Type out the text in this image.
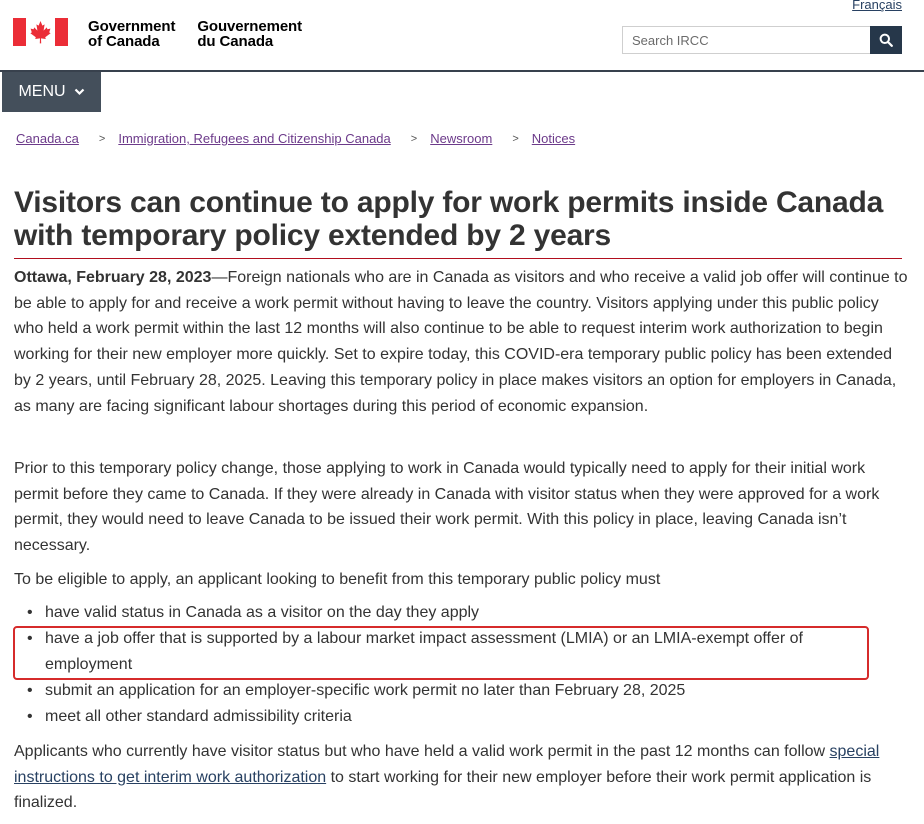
Français
Government
of Canada
Gouvernement
du Canada
Search IRCC
MENU
Canada.ca > Immigration, Refugees and Citizenship Canada > Newsroom > Notices
Visitors can continue to apply for work permits inside Canada with temporary policy extended by 2 years

Ottawa, February 28, 2023—Foreign nationals who are in Canada as visitors and who receive a valid job offer will continue to be able to apply for and receive a work permit without having to leave the country. Visitors applying under this public policy who held a work permit within the last 12 months will also continue to be able to request interim work authorization to begin working for their new employer more quickly. Set to expire today, this COVID-era temporary public policy has been extended by 2 years, until February 28, 2025. Leaving this temporary policy in place makes visitors an option for employers in Canada, as many are facing significant labour shortages during this period of economic expansion.

Prior to this temporary policy change, those applying to work in Canada would typically need to apply for their initial work permit before they came to Canada. If they were already in Canada with visitor status when they were approved for a work permit, they would need to leave Canada to be issued their work permit. With this policy in place, leaving Canada isn’t necessary.

To be eligible to apply, an applicant looking to benefit from this temporary public policy must

• have valid status in Canada as a visitor on the day they apply
• have a job offer that is supported by a labour market impact assessment (LMIA) or an LMIA-exempt offer of employment
• submit an application for an employer-specific work permit no later than February 28, 2025
• meet all other standard admissibility criteria

Applicants who currently have visitor status but who have held a valid work permit in the past 12 months can follow special instructions to get interim work authorization to start working for their new employer before their work permit application is finalized.
